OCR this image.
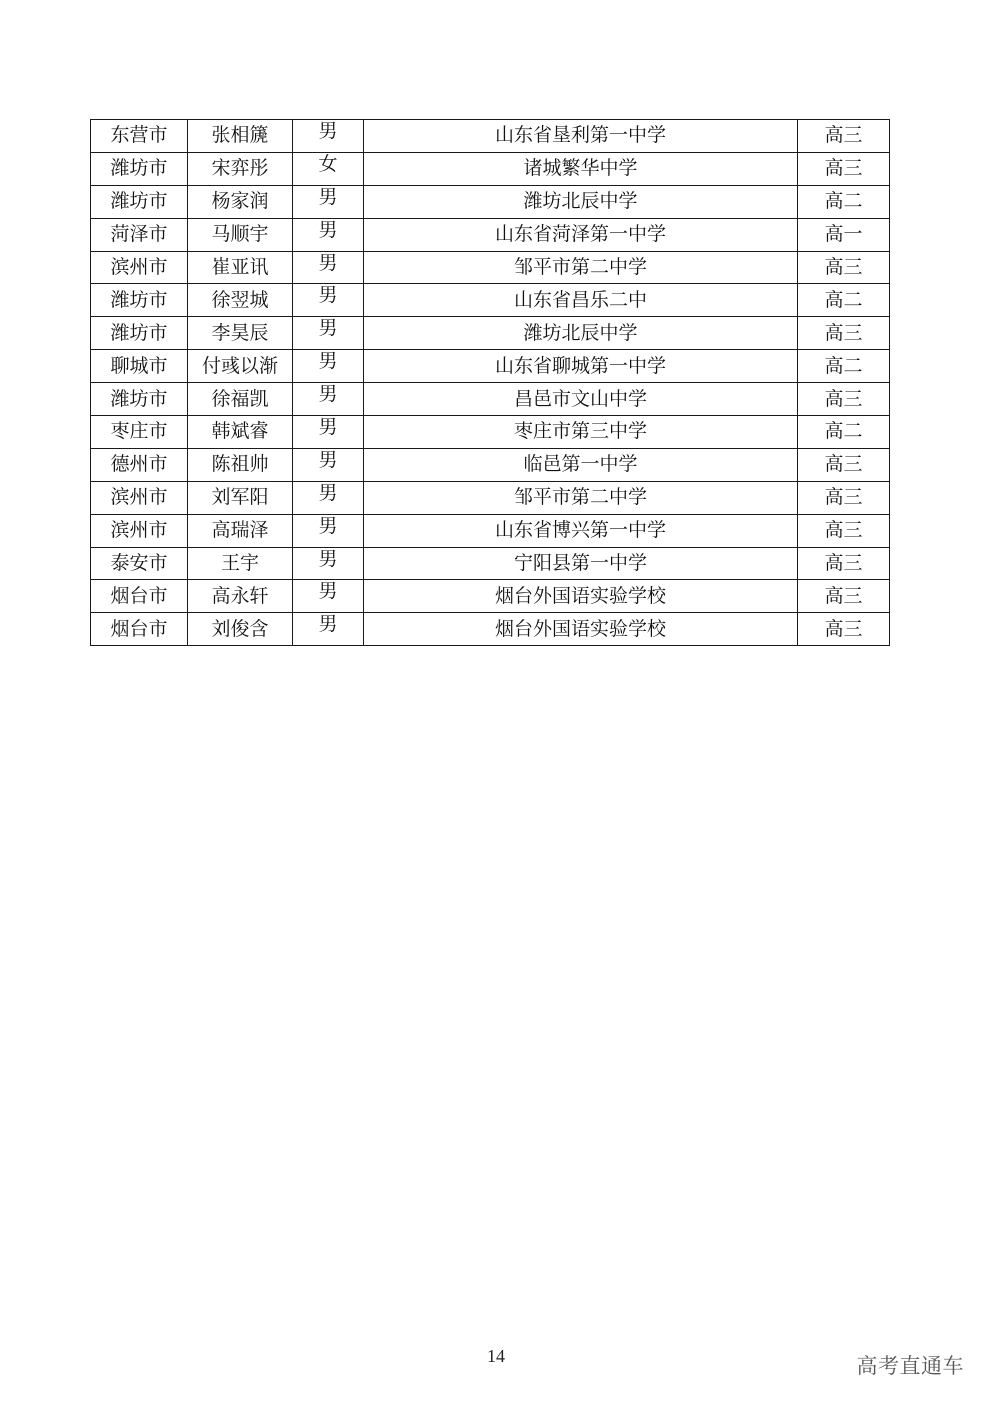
东营市	张相篪	男	山东省垦利第一中学	高三
潍坊市	宋弈彤	女	诸城繁华中学	高三
潍坊市	杨家润	男	潍坊北辰中学	高二
菏泽市	马顺宇	男	山东省菏泽第一中学	高一
滨州市	崔亚讯	男	邹平市第二中学	高三
潍坊市	徐翌城	男	山东省昌乐二中	高二
潍坊市	李昊辰	男	潍坊北辰中学	高三
聊城市	付彧以渐	男	山东省聊城第一中学	高二
潍坊市	徐福凯	男	昌邑市文山中学	高三
枣庄市	韩斌睿	男	枣庄市第三中学	高二
德州市	陈祖帅	男	临邑第一中学	高三
滨州市	刘军阳	男	邹平市第二中学	高三
滨州市	高瑞泽	男	山东省博兴第一中学	高三
泰安市	王宇	男	宁阳县第一中学	高三
烟台市	高永轩	男	烟台外国语实验学校	高三
烟台市	刘俊含	男	烟台外国语实验学校	高三
14	高考直通车
